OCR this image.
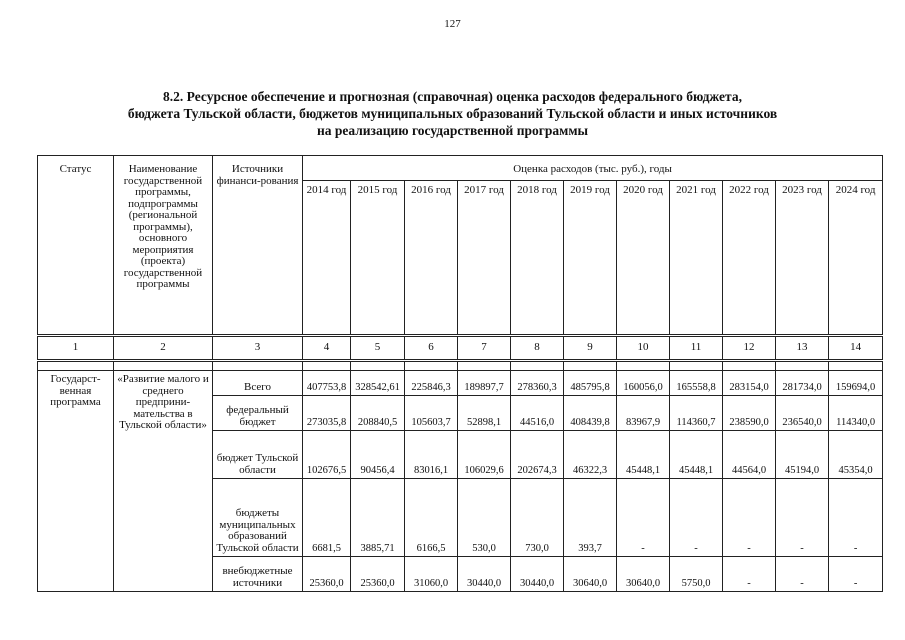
127
8.2. Ресурсное обеспечение и прогнозная (справочная) оценка расходов федерального бюджета,
бюджета Тульской области, бюджетов муниципальных образований Тульской области и иных источников
на реализацию государственной программы
Статус	Наименование государственной программы, подпрограммы (региональной программы), основного мероприятия (проекта) государственной программы	Источники финанси-рования	Оценка расходов (тыс. руб.), годы										
			2014 год	2015 год	2016 год	2017 год	2018 год	2019 год	2020 год	2021 год	2022 год	2023 год	2024 год
1	2	3	4	5	6	7	8	9	10	11	12	13	14

Государст-венная программа	«Развитие малого и среднего предприни-мательства в Тульской области»	Всего	407753,8	328542,61	225846,3	189897,7	278360,3	485795,8	160056,0	165558,8	283154,0	281734,0	159694,0
		федеральный бюджет	273035,8	208840,5	105603,7	52898,1	44516,0	408439,8	83967,9	114360,7	238590,0	236540,0	114340,0
		бюджет Тульской области	102676,5	90456,4	83016,1	106029,6	202674,3	46322,3	45448,1	45448,1	44564,0	45194,0	45354,0
		бюджеты муниципальных образований Тульской области	6681,5	3885,71	6166,5	530,0	730,0	393,7	-	-	-	-	-
		внебюджетные источники	25360,0	25360,0	31060,0	30440,0	30440,0	30640,0	30640,0	5750,0	-	-	-
